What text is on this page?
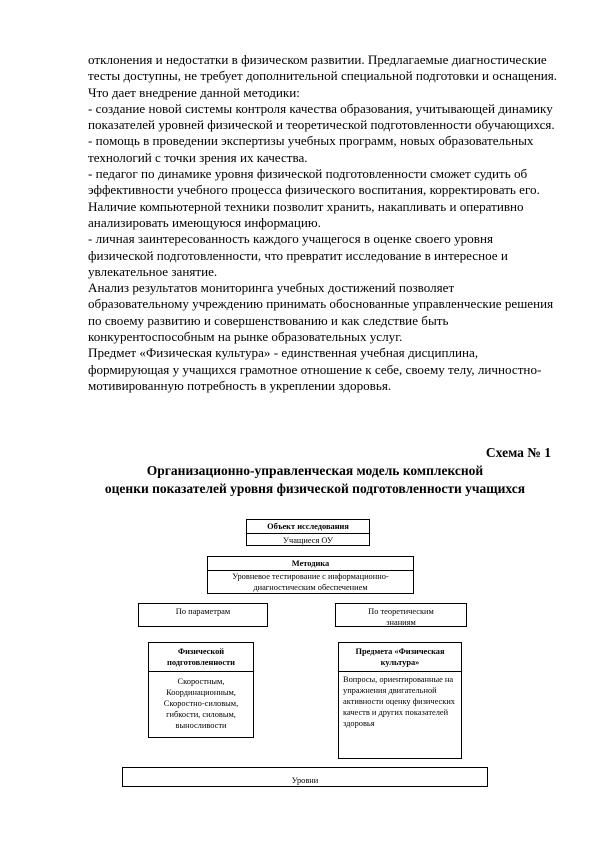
отклонения и недостатки в физическом развитии. Предлагаемые диагностические тесты доступны, не требует дополнительной специальной подготовки и оснащения.

Что дает внедрение данной методики:

- создание новой системы контроля качества образования, учитывающей динамику показателей уровней физической и теоретической подготовленности обучающихся.

- помощь в проведении экспертизы учебных программ, новых образовательных технологий с точки зрения их качества.

- педагог по динамике уровня физической подготовленности сможет судить об эффективности учебного процесса физического воспитания, корректировать его. Наличие компьютерной техники позволит хранить, накапливать и оперативно анализировать имеющуюся информацию.

- личная заинтересованность каждого учащегося в оценке своего уровня физической подготовленности, что превратит исследование в интересное и увлекательное занятие.

Анализ результатов мониторинга учебных достижений позволяет образовательному учреждению принимать обоснованные управленческие решения по своему развитию и совершенствованию и как следствие быть конкурентоспособным на рынке образовательных услуг.

Предмет «Физическая культура» - единственная учебная дисциплина, формирующая у учащихся грамотное отношение к себе, своему телу, личностно-мотивированную потребность в укреплении здоровья.

Схема № 1
Организационно-управленческая модель комплексной
оценки показателей уровня физической подготовленности учащихся
Объект исследования
Учащиеся ОУ
Методика
Уровневое тестирование с информационно-диагностическим обеспечением
По параметрам	По теоретическим знаниям
Физической подготовленности
Скоростным, Координационным, Скоростно-силовым, гибкости, силовым, выносливости
Предмета «Физическая культура»
Вопросы, ориентированные на упражнения двигательной активности оценку физических качеств и других показателей здоровья
Уровни
